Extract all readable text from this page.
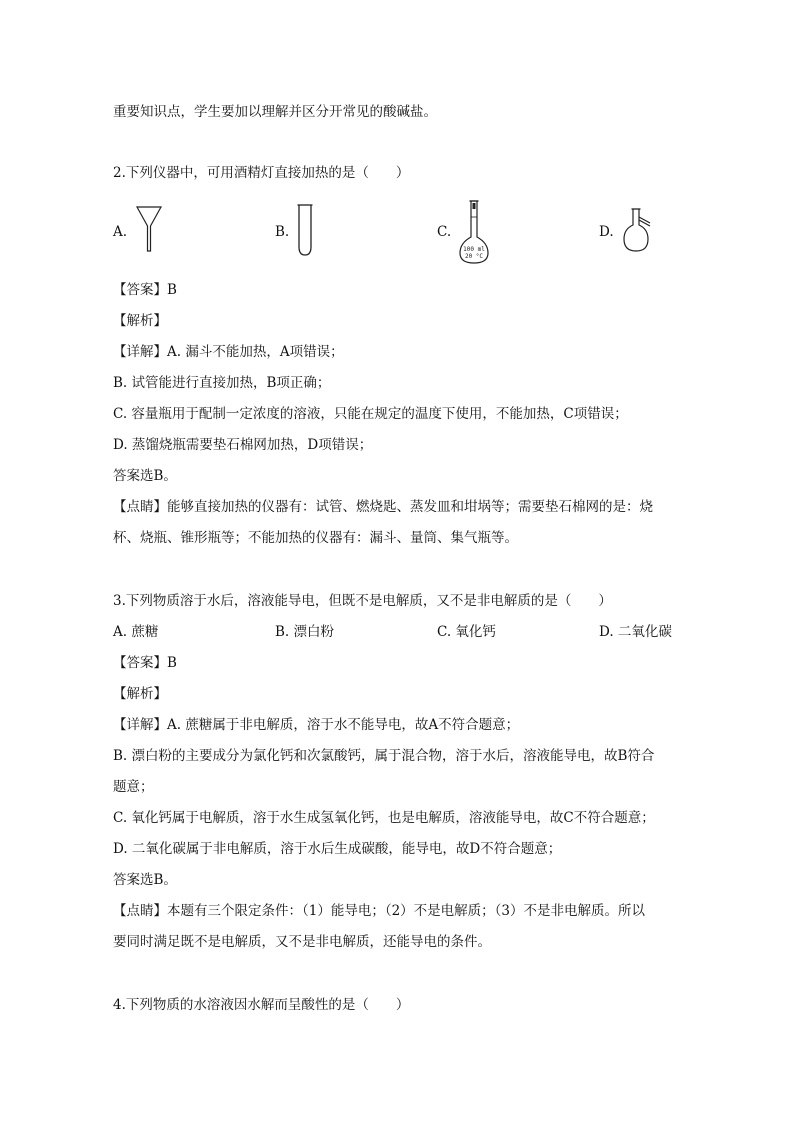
重要知识点，学生要加以理解并区分开常见的酸碱盐。
2.下列仪器中，可用酒精灯直接加热的是（　　）
A.	B.	C.
100 ml
20 °C
D.
【答案】B
【解析】
【详解】A. 漏斗不能加热，A项错误；
B. 试管能进行直接加热，B项正确；
C. 容量瓶用于配制一定浓度的溶液，只能在规定的温度下使用，不能加热，C项错误；
D. 蒸馏烧瓶需要垫石棉网加热，D项错误；
答案选B。
【点睛】能够直接加热的仪器有：试管、燃烧匙、蒸发皿和坩埚等；需要垫石棉网的是：烧
杯、烧瓶、锥形瓶等；不能加热的仪器有：漏斗、量筒、集气瓶等。
3.下列物质溶于水后，溶液能导电，但既不是电解质，又不是非电解质的是（　　）
A. 蔗糖	B. 漂白粉	C. 氧化钙	D. 二氧化碳
【答案】B
【解析】
【详解】A. 蔗糖属于非电解质，溶于水不能导电，故A不符合题意；
B. 漂白粉的主要成分为氯化钙和次氯酸钙，属于混合物，溶于水后，溶液能导电，故B符合
题意；
C. 氧化钙属于电解质，溶于水生成氢氧化钙，也是电解质，溶液能导电，故C不符合题意；
D. 二氧化碳属于非电解质，溶于水后生成碳酸，能导电，故D不符合题意；
答案选B。
【点睛】本题有三个限定条件：（1）能导电；（2）不是电解质；（3）不是非电解质。所以
要同时满足既不是电解质，又不是非电解质，还能导电的条件。
4.下列物质的水溶液因水解而呈酸性的是（　　）
